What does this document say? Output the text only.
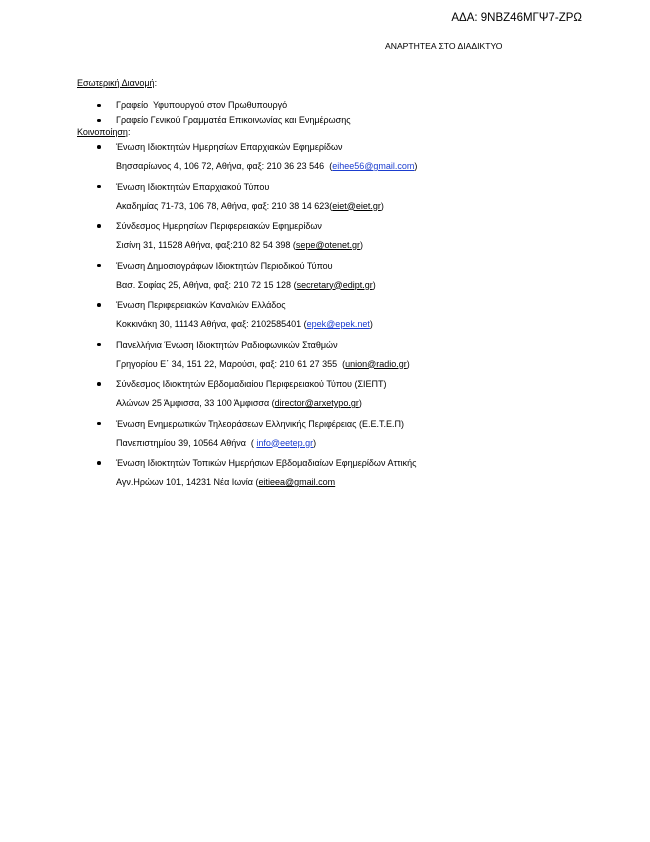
ΑΔΑ: 9ΝΒΖ46ΜΓΨ7-ΖΡΩ
ΑΝΑΡΤΗΤΕΑ ΣΤΟ ΔΙΑΔΙΚΤΥΟ
Εσωτερική Διανομή:
Γραφείο  Υφυπουργού στον Πρωθυπουργό
Γραφείο Γενικού Γραμματέα Επικοινωνίας και Ενημέρωσης
Κοινοποίηση:
Ένωση Ιδιοκτητών Ημερησίων Επαρχιακών Εφημερίδων
Βησσαρίωνος 4, 106 72, Αθήνα, φαξ: 210 36 23 546  (eihee56@gmail.com)
Ένωση Ιδιοκτητών Επαρχιακού Τύπου
Ακαδημίας 71-73, 106 78, Αθήνα, φαξ: 210 38 14 623(eiet@eiet.gr)
Σύνδεσμος Ημερησίων Περιφερειακών Εφημερίδων
Σισίνη 31, 11528 Αθήνα, φαξ:210 82 54 398 (sepe@otenet.gr)
Ένωση Δημοσιογράφων Ιδιοκτητών Περιοδικού Τύπου
Βασ. Σοφίας 25, Αθήνα, φαξ: 210 72 15 128 (secretary@edipt.gr)
Ένωση Περιφερειακών Καναλιών Ελλάδος
Κοκκινάκη 30, 11143 Αθήνα, φαξ: 2102585401 (epek@epek.net)
Πανελλήνια Ένωση Ιδιοκτητών Ραδιοφωνικών Σταθμών
Γρηγορίου Ε΄ 34, 151 22, Μαρούσι, φαξ: 210 61 27 355  (union@radio.gr)
Σύνδεσμος Ιδιοκτητών Εβδομαδιαίου Περιφερειακού Τύπου (ΣΙΕΠΤ)
Αλώνων 25 Άμφισσα, 33 100 Άμφισσα (director@arxetypo.gr)
Ένωση Ενημερωτικών Τηλεοράσεων Ελληνικής Περιφέρειας (Ε.Ε.Τ.Ε.Π)
Πανεπιστημίου 39, 10564 Αθήνα  ( info@eetep.gr)
Ένωση Ιδιοκτητών Τοπικών Ημερήσιων Εβδομαδιαίων Εφημερίδων Αττικής
Αγν.Ηρώων 101, 14231 Νέα Ιωνία (eitieea@gmail.com
